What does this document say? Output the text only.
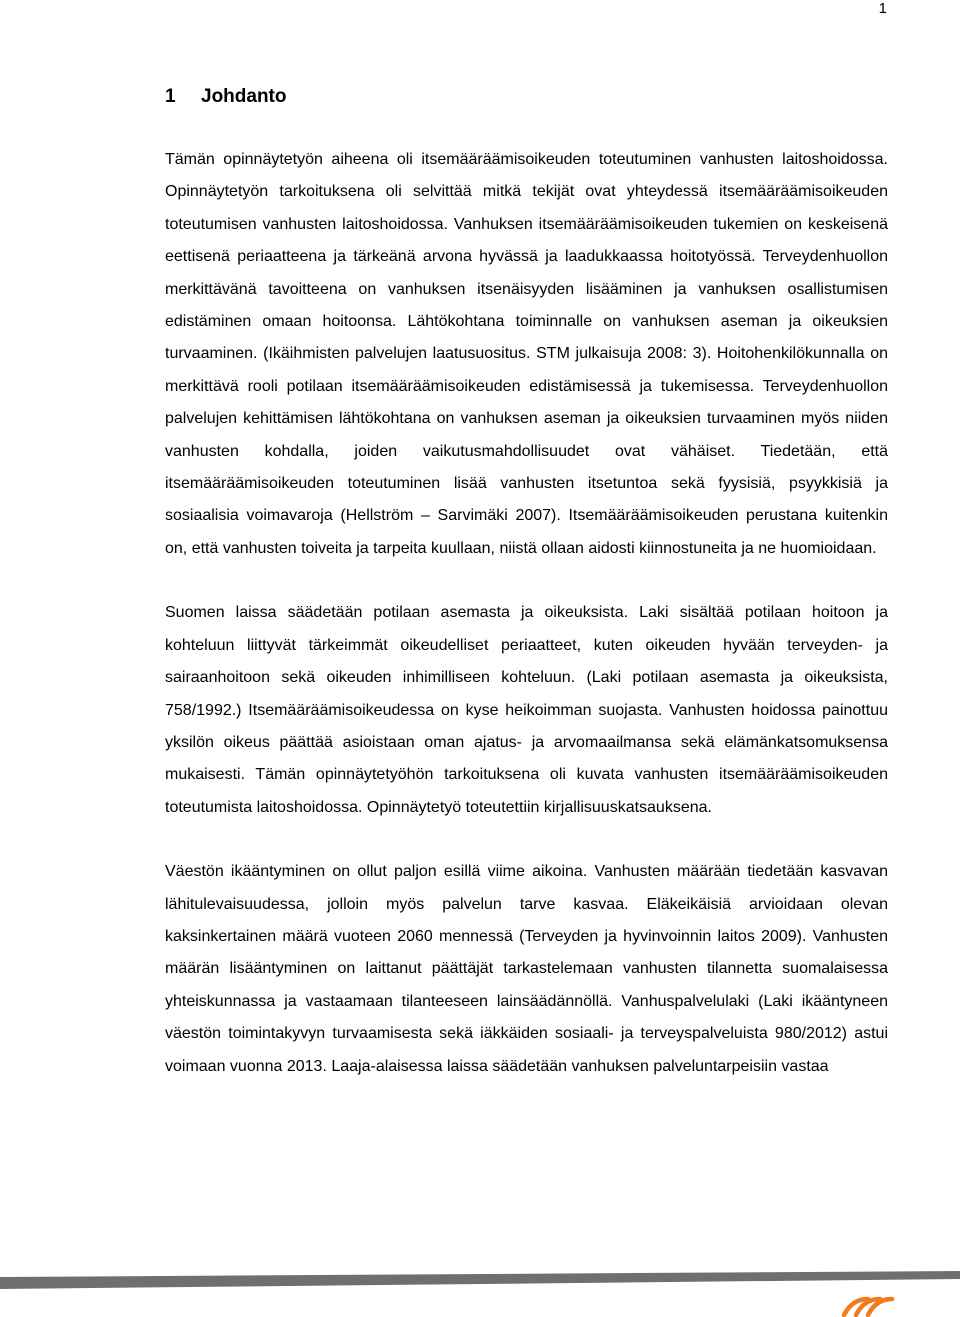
1
1 Johdanto

Tämän opinnäytetyön aiheena oli itsemääräämisoikeuden toteutuminen vanhusten laitoshoidossa. Opinnäytetyön tarkoituksena oli selvittää mitkä tekijät ovat yhteydessä itsemääräämisoikeuden toteutumisen vanhusten laitoshoidossa. Vanhuksen itsemääräämisoikeuden tukemien on keskeisenä eettisenä periaatteena ja tärkeänä arvona hyvässä ja laadukkaassa hoitotyössä. Terveydenhuollon merkittävänä tavoitteena on vanhuksen itsenäisyyden lisääminen ja vanhuksen osallistumisen edistäminen omaan hoitoonsa. Lähtökohtana toiminnalle on vanhuksen aseman ja oikeuksien turvaaminen. (Ikäihmisten palvelujen laatusuositus. STM julkaisuja 2008: 3). Hoitohenkilökunnalla on merkittävä rooli potilaan itsemääräämisoikeuden edistämisessä ja tukemisessa. Terveydenhuollon palvelujen kehittämisen lähtökohtana on vanhuksen aseman ja oikeuksien turvaaminen myös niiden vanhusten kohdalla, joiden vaikutusmahdollisuudet ovat vähäiset. Tiedetään, että itsemääräämisoikeuden toteutuminen lisää vanhusten itsetuntoa sekä fyysisiä, psyykkisiä ja sosiaalisia voimavaroja (Hellström – Sarvimäki 2007). Itsemääräämisoikeuden perustana kuitenkin on, että vanhusten toiveita ja tarpeita kuullaan, niistä ollaan aidosti kiinnostuneita ja ne huomioidaan.

Suomen laissa säädetään potilaan asemasta ja oikeuksista. Laki sisältää potilaan hoitoon ja kohteluun liittyvät tärkeimmät oikeudelliset periaatteet, kuten oikeuden hyvään terveyden- ja sairaanhoitoon sekä oikeuden inhimilliseen kohteluun. (Laki potilaan asemasta ja oikeuksista, 758/1992.) Itsemääräämisoikeudessa on kyse heikoimman suojasta. Vanhusten hoidossa painottuu yksilön oikeus päättää asioistaan oman ajatus- ja arvomaailmansa sekä elämänkatsomuksensa mukaisesti. Tämän opinnäytetyöhön tarkoituksena oli kuvata vanhusten itsemääräämisoikeuden toteutumista laitoshoidossa. Opinnäytetyö toteutettiin kirjallisuuskatsauksena.

Väestön ikääntyminen on ollut paljon esillä viime aikoina. Vanhusten määrään tiedetään kasvavan lähitulevaisuudessa, jolloin myös palvelun tarve kasvaa. Eläkeikäisiä arvioidaan olevan kaksinkertainen määrä vuoteen 2060 mennessä (Terveyden ja hyvinvoinnin laitos 2009). Vanhusten määrän lisääntyminen on laittanut päättäjät tarkastelemaan vanhusten tilannetta suomalaisessa yhteiskunnassa ja vastaamaan tilanteeseen lainsäädännöllä. Vanhuspalvelulaki (Laki ikääntyneen väestön toimintakyvyn turvaamisesta sekä iäkkäiden sosiaali- ja terveyspalveluista 980/2012) astui voimaan vuonna 2013. Laaja-alaisessa laissa säädetään vanhuksen palveluntarpeisiin vastaa
